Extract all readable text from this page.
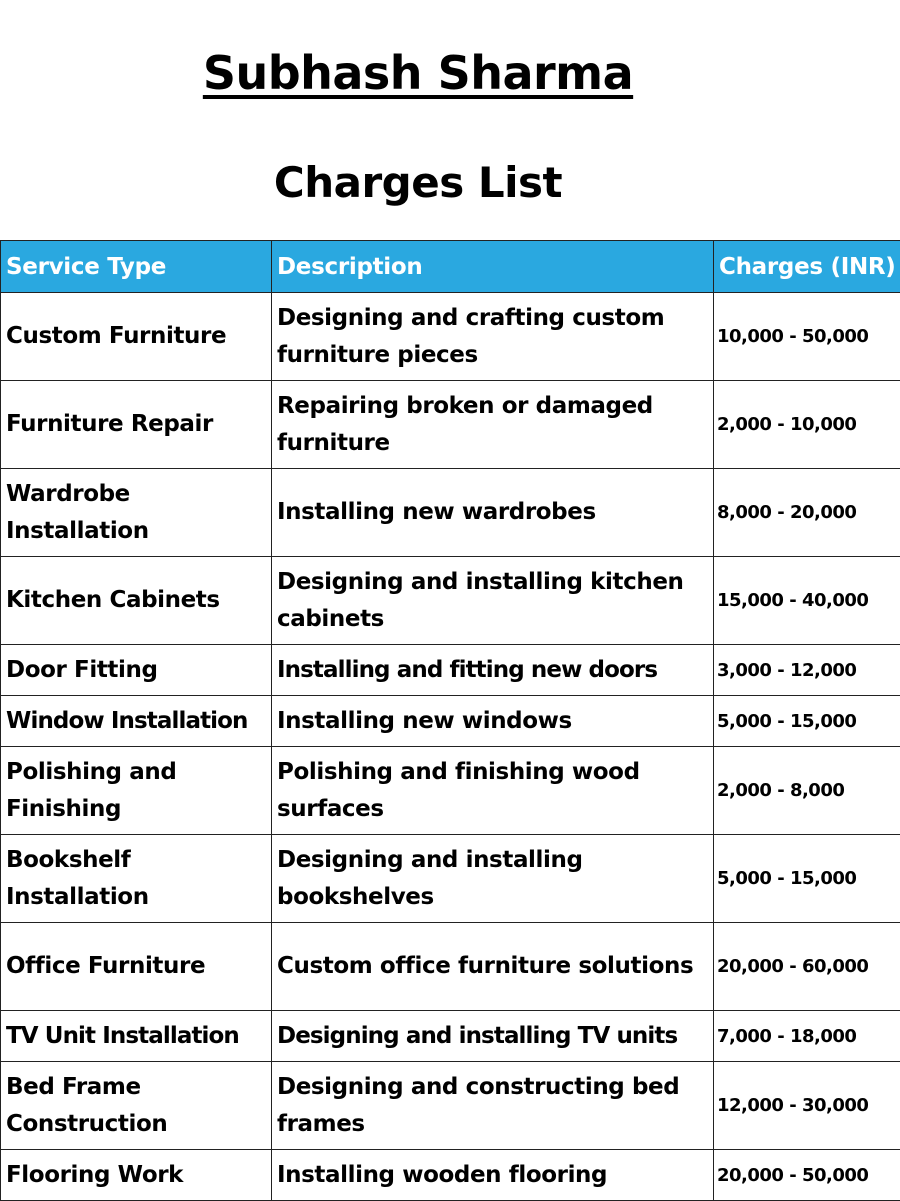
Subhash Sharma
Charges List
Service Type	Description	Charges (INR)
Custom Furniture	Designing and crafting custom furniture pieces	10,000 - 50,000
Furniture Repair	Repairing broken or damaged furniture	2,000 - 10,000
Wardrobe Installation	Installing new wardrobes	8,000 - 20,000
Kitchen Cabinets	Designing and installing kitchen cabinets	15,000 - 40,000
Door Fitting	Installing and fitting new doors	3,000 - 12,000
Window Installation	Installing new windows	5,000 - 15,000
Polishing and Finishing	Polishing and finishing wood surfaces	2,000 - 8,000
Bookshelf Installation	Designing and installing bookshelves	5,000 - 15,000
Office Furniture	Custom office furniture solutions	20,000 - 60,000
TV Unit Installation	Designing and installing TV units	7,000 - 18,000
Bed Frame Construction	Designing and constructing bed frames	12,000 - 30,000
Flooring Work	Installing wooden flooring	20,000 - 50,000
